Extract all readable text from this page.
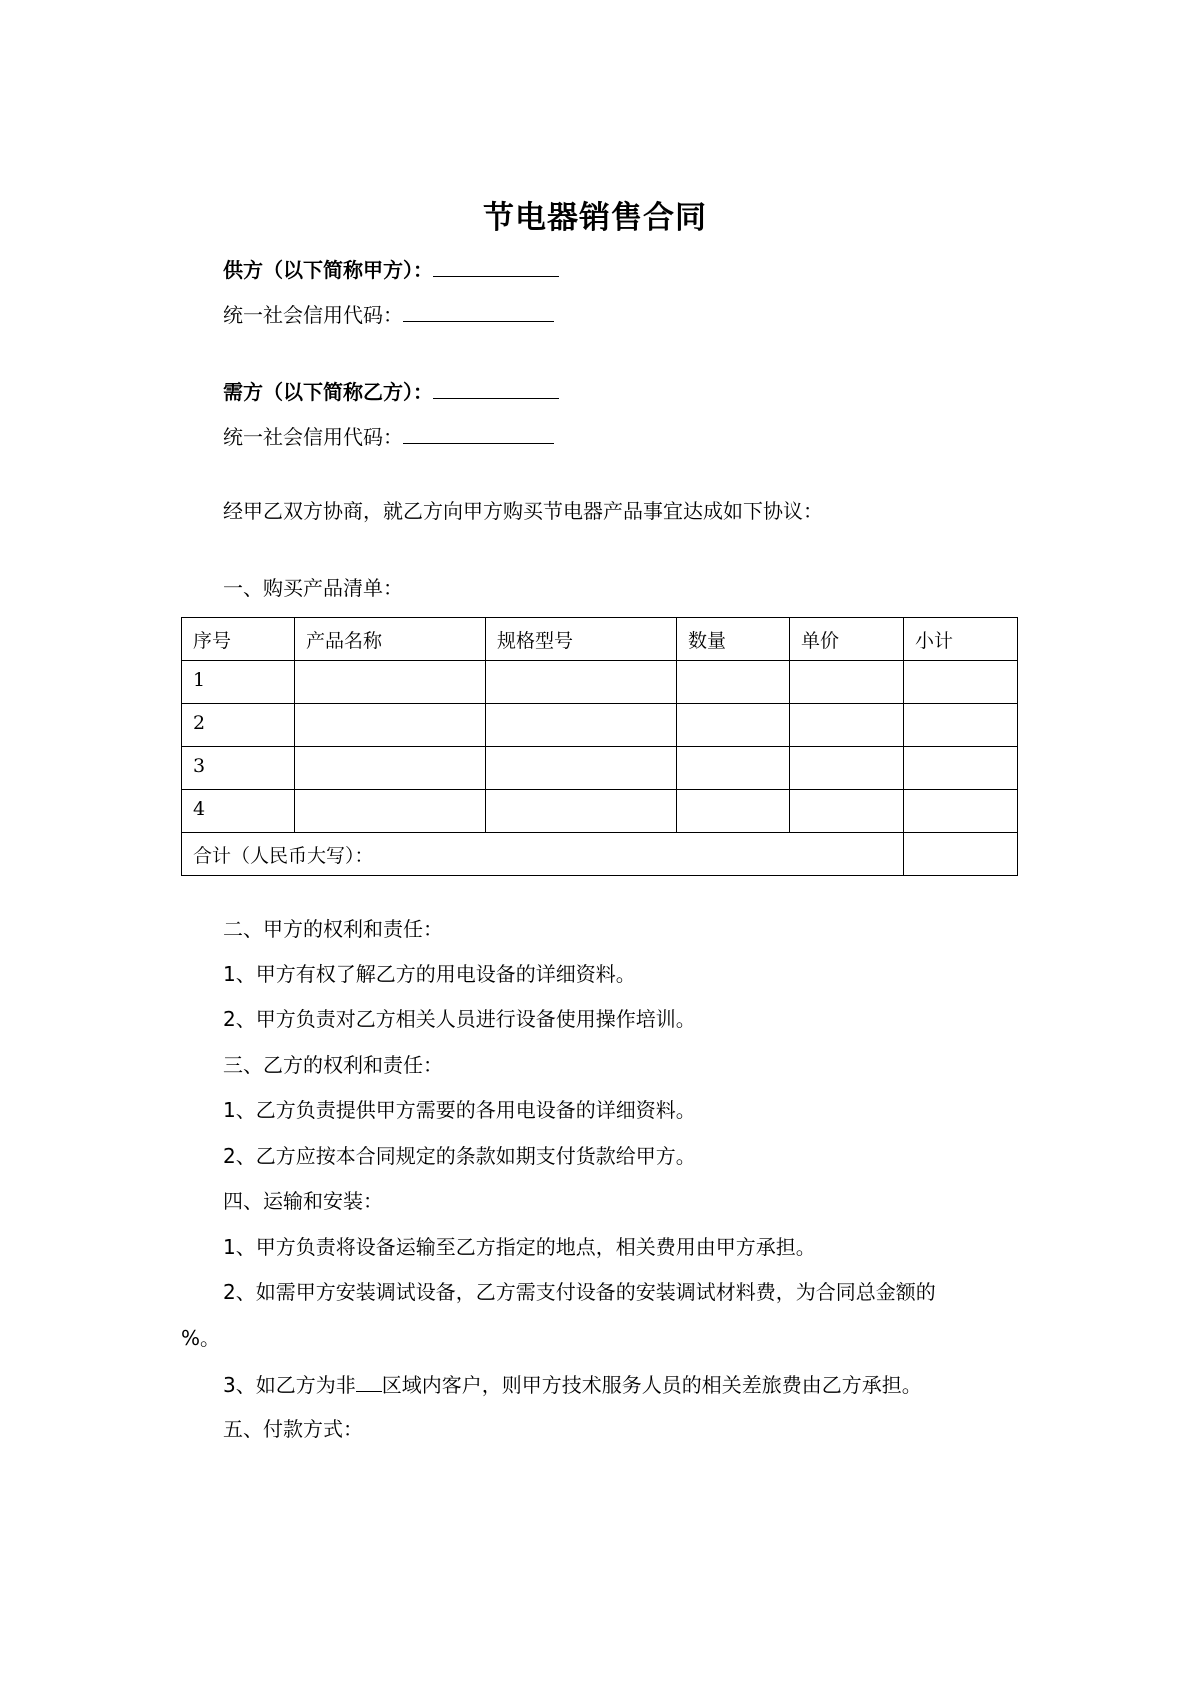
节电器销售合同
供方（以下简称甲方）：
统一社会信用代码：
需方（以下简称乙方）：
统一社会信用代码：
经甲乙双方协商，就乙方向甲方购买节电器产品事宜达成如下协议：
一、购买产品清单：
序号	产品名称	规格型号	数量	单价	小计
1					
2					
3					
4					
合计（人民币大写）：					
二、甲方的权利和责任：
1、甲方有权了解乙方的用电设备的详细资料。
2、甲方负责对乙方相关人员进行设备使用操作培训。
三、乙方的权利和责任：
1、乙方负责提供甲方需要的各用电设备的详细资料。
2、乙方应按本合同规定的条款如期支付货款给甲方。
四、运输和安装：
1、甲方负责将设备运输至乙方指定的地点，相关费用由甲方承担。
2、如需甲方安装调试设备，乙方需支付设备的安装调试材料费，为合同总金额的
%。
3、如乙方为非 区域内客户，则甲方技术服务人员的相关差旅费由乙方承担。
五、付款方式：
